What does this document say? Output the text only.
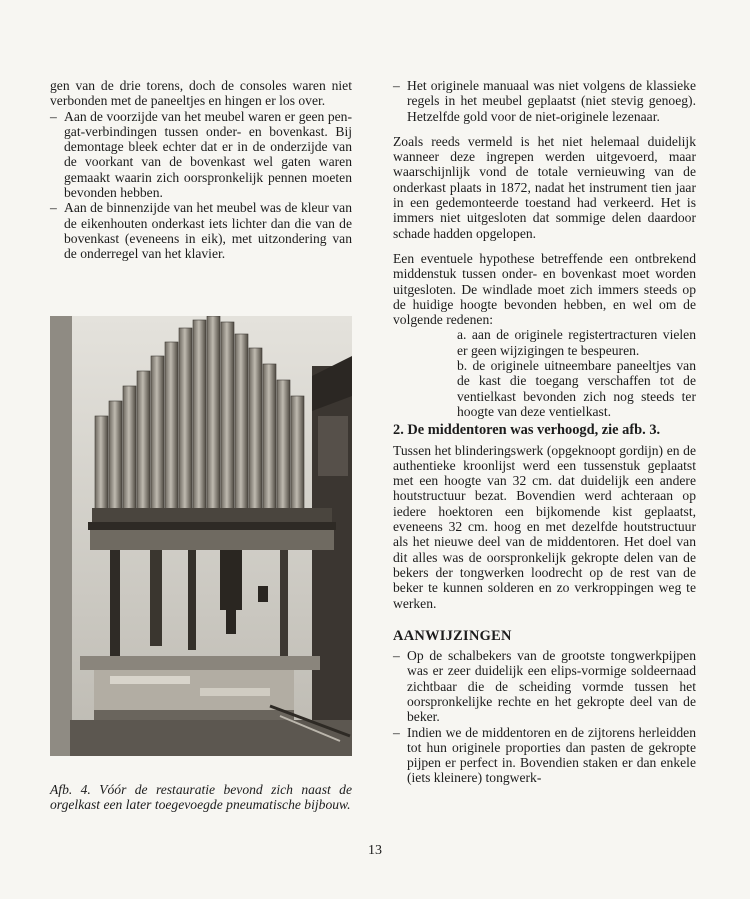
gen van de drie torens, doch de consoles waren niet verbonden met de paneeltjes en hingen er los over.

– Aan de voorzijde van het meubel waren er geen pen-gat-verbindingen tussen onder- en bovenkast. Bij demontage bleek echter dat er in de onderzijde van de voorkant van de bovenkast wel gaten waren gemaakt waarin zich oorspronkelijk pennen moeten bevonden hebben.

– Aan de binnenzijde van het meubel was de kleur van de eikenhouten onderkast iets lichter dan die van de bovenkast (eveneens in eik), met uitzondering van de onderregel van het klavier.

Afb. 4. Vóór de restauratie bevond zich naast de orgelkast een later toegevoegde pneumatische bijbouw.

– Het originele manuaal was niet volgens de klassieke regels in het meubel geplaatst (niet stevig genoeg). Hetzelfde gold voor de niet-originele lezenaar.

Zoals reeds vermeld is het niet helemaal duidelijk wanneer deze ingrepen werden uitgevoerd, maar waarschijnlijk vond de totale vernieuwing van de onderkast plaats in 1872, nadat het instrument tien jaar in een gedemonteerde toestand had verkeerd. Het is immers niet uitgesloten dat sommige delen daardoor schade hadden opgelopen.

Een eventuele hypothese betreffende een ontbrekend middenstuk tussen onder- en bovenkast moet worden uitgesloten. De windlade moet zich immers steeds op de huidige hoogte bevonden hebben, en wel om de volgende redenen:

a. aan de originele registertracturen vielen er geen wijzigingen te bespeuren.
b. de originele uitneembare paneeltjes van de kast die toegang verschaffen tot de ventielkast bevonden zich nog steeds ter hoogte van deze ventielkast.

2. De middentoren was verhoogd, zie afb. 3.

Tussen het blinderingswerk (opgeknoopt gordijn) en de authentieke kroonlijst werd een tussenstuk geplaatst met een hoogte van 32 cm. dat duidelijk een andere houtstructuur bezat. Bovendien werd achteraan op iedere hoektoren een bijkomende kist geplaatst, eveneens 32 cm. hoog en met dezelfde houtstructuur als het nieuwe deel van de middentoren. Het doel van dit alles was de oorspronkelijk gekropte delen van de bekers der tongwerken loodrecht op de rest van de beker te kunnen solderen en zo verkroppingen weg te werken.

AANWIJZINGEN

– Op de schalbekers van de grootste tongwerkpijpen was er zeer duidelijk een elips-vormige soldeernaad zichtbaar die de scheiding vormde tussen het oorspronkelijke rechte en het gekropte deel van de beker.

– Indien we de middentoren en de zijtorens herleidden tot hun originele proporties dan pasten de gekropte pijpen er perfect in. Bovendien staken er dan enkele (iets kleinere) tongwerk-

13
